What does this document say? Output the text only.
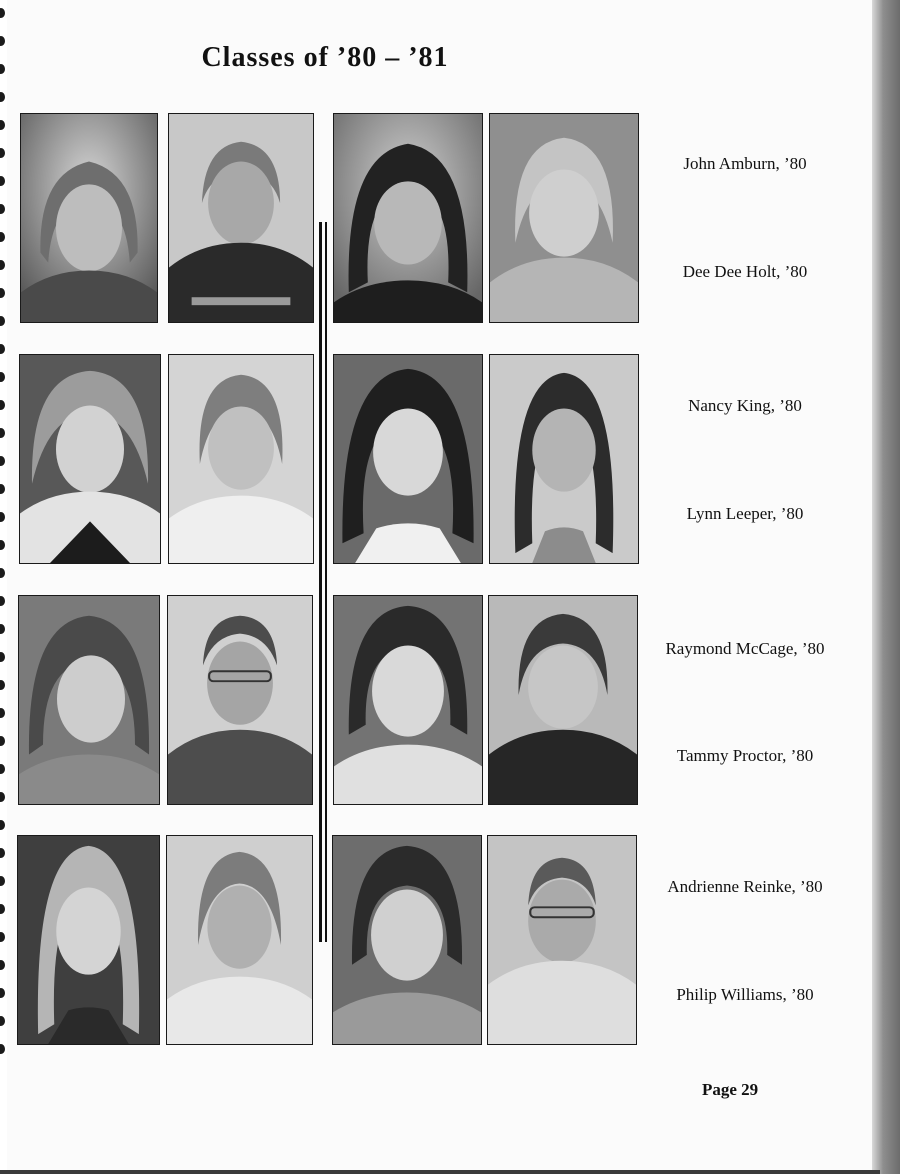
Classes of ’80 – ’81
John Amburn, ’80
Dee Dee Holt, ’80
Nancy King, ’80
Lynn Leeper, ’80
Raymond McCage, ’80
Tammy Proctor, ’80
Andrienne Reinke, ’80
Philip Williams, ’80
Page 29
